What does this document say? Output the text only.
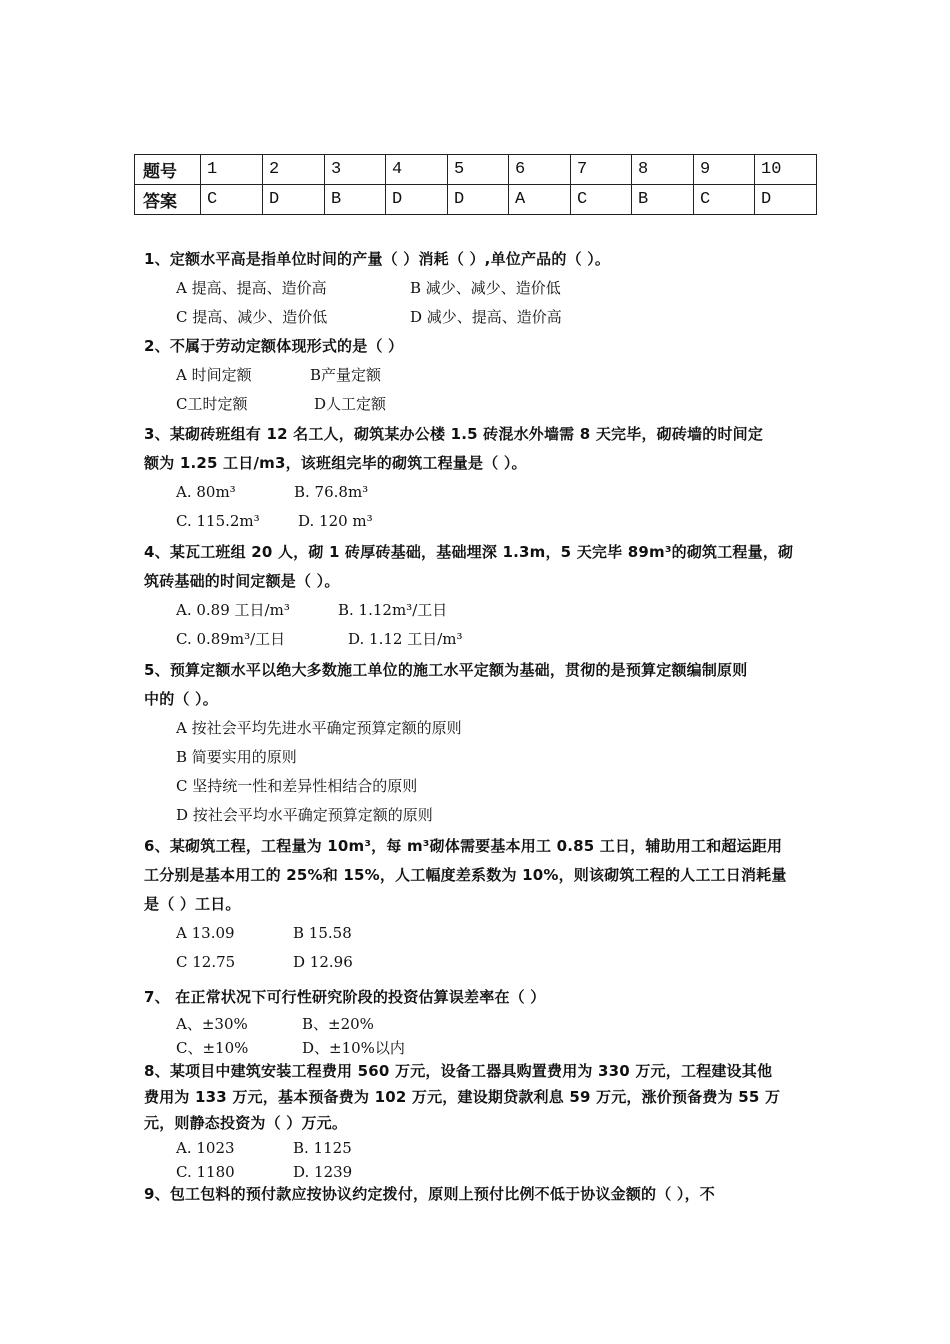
题号	1	2	3	4	5	6	7	8	9	10
答案	C	D	B	D	D	A	C	B	C	D

1、定额水平高是指单位时间的产量（ ）消耗（ ）,单位产品的（ ）。

A 提高、提高、造价高	B 减少、减少、造价低
C 提高、减少、造价低	D 减少、提高、造价高

2、不属于劳动定额体现形式的是（ ）

A 时间定额	B产量定额
C工时定额	D人工定额

3、某砌砖班组有 12 名工人，砌筑某办公楼 1.5 砖混水外墙需 8 天完毕，砌砖墙的时间定

额为 1.25 工日/m3，该班组完毕的砌筑工程量是（ ）。

A. 80m³	B. 76.8m³
C. 115.2m³	D. 120 m³

4、某瓦工班组 20 人，砌 1 砖厚砖基础，基础埋深 1.3m，5 天完毕 89m³的砌筑工程量，砌

筑砖基础的时间定额是（ ）。

A. 0.89 工日/m³	B. 1.12m³/工日
C. 0.89m³/工日	D. 1.12 工日/m³

5、预算定额水平以绝大多数施工单位的施工水平定额为基础，贯彻的是预算定额编制原则

中的（ ）。

A 按社会平均先进水平确定预算定额的原则
B 简要实用的原则
C 坚持统一性和差异性相结合的原则
D 按社会平均水平确定预算定额的原则

6、某砌筑工程，工程量为 10m³，每 m³砌体需要基本用工 0.85 工日，辅助用工和超运距用

工分别是基本用工的 25%和 15%，人工幅度差系数为 10%，则该砌筑工程的人工工日消耗量

是（ ）工日。

A 13.09	B 15.58
C 12.75	D 12.96

7、 在正常状况下可行性研究阶段的投资估算误差率在（ ）

A、±30%	B、±20%
C、±10%	D、±10%以内

8、某项目中建筑安装工程费用 560 万元，设备工器具购置费用为 330 万元，工程建设其他

费用为 133 万元，基本预备费为 102 万元，建设期贷款利息 59 万元，涨价预备费为 55 万

元，则静态投资为（ ）万元。

A. 1023	B. 1125
C. 1180	D. 1239

9、包工包料的预付款应按协议约定拨付，原则上预付比例不低于协议金额的（ ），不
